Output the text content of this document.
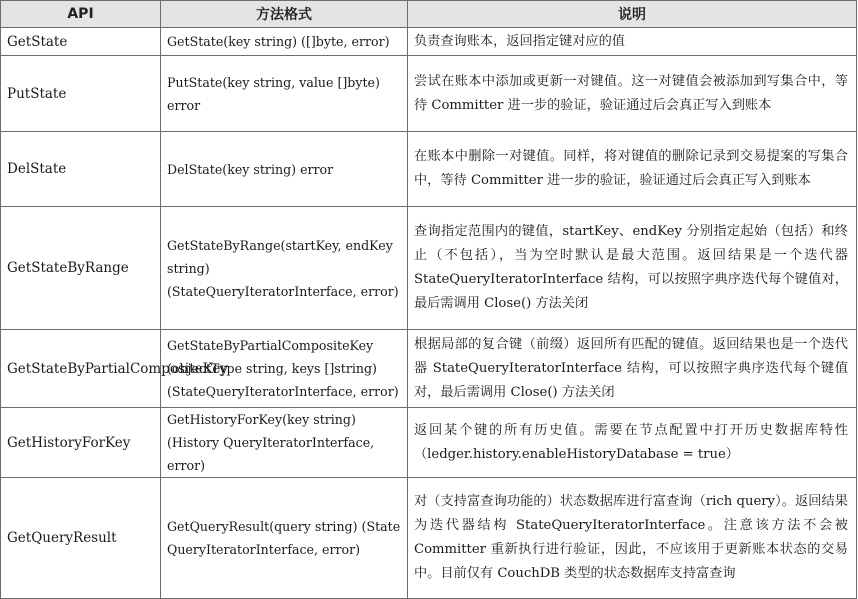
API	方法格式	说明
GetState	GetState(key string) ([]byte, error)	负责查询账本，返回指定键对应的值
PutState	PutState(key string, value []byte) error	尝试在账本中添加或更新一对键值。这一对键值会被添加到写集合中，等待 Committer 进一步的验证，验证通过后会真正写入到账本
DelState	DelState(key string) error	在账本中删除一对键值。同样，将对键值的删除记录到交易提案的写集合中，等待 Committer 进一步的验证，验证通过后会真正写入到账本
GetStateByRange	GetStateByRange(startKey, endKey string) (StateQueryIteratorInterface, error)	查询指定范围内的键值，startKey、endKey 分别指定起始（包括）和终止（不包括），当为空时默认是最大范围。返回结果是一个迭代器 StateQueryIteratorInterface 结构，可以按照字典序迭代每个键值对，最后需调用 Close() 方法关闭
GetStateByPartialCompositeKey	GetStateByPartialCompositeKey (objectType string, keys []string) (StateQueryIteratorInterface, error)	根据局部的复合键（前缀）返回所有匹配的键值。返回结果也是一个迭代器 StateQueryIteratorInterface 结构，可以按照字典序迭代每个键值对，最后需调用 Close() 方法关闭
GetHistoryForKey	GetHistoryForKey(key string) (History QueryIteratorInterface, error)	返回某个键的所有历史值。需要在节点配置中打开历史数据库特性（ledger.history.enableHistoryDatabase = true）
GetQueryResult	GetQueryResult(query string) (State QueryIteratorInterface, error)	对（支持富查询功能的）状态数据库进行富查询（rich query）。返回结果为迭代器结构 StateQueryIteratorInterface。注意该方法不会被 Committer 重新执行进行验证，因此，不应该用于更新账本状态的交易中。目前仅有 CouchDB 类型的状态数据库支持富查询
